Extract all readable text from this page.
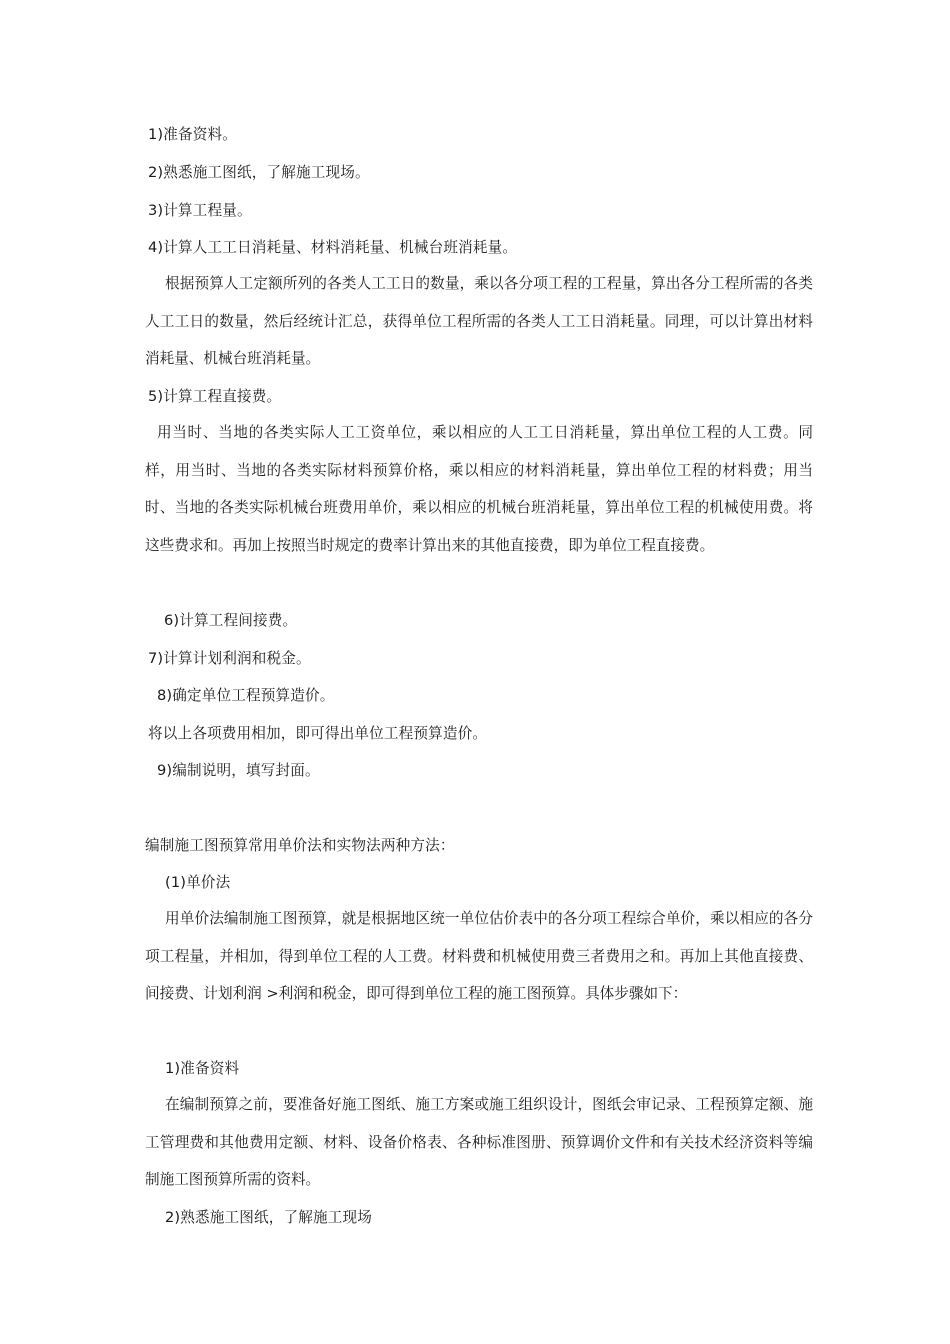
1)准备资料。
2)熟悉施工图纸，了解施工现场。
3)计算工程量。
4)计算人工工日消耗量、材料消耗量、机械台班消耗量。
根据预算人工定额所列的各类人工工日的数量，乘以各分项工程的工程量，算出各分工程所需的各类人工工日的数量，然后经统计汇总，获得单位工程所需的各类人工工日消耗量。同理，可以计算出材料消耗量、机械台班消耗量。
5)计算工程直接费。
用当时、当地的各类实际人工工资单位，乘以相应的人工工日消耗量，算出单位工程的人工费。同样，用当时、当地的各类实际材料预算价格，乘以相应的材料消耗量，算出单位工程的材料费；用当时、当地的各类实际机械台班费用单价，乘以相应的机械台班消耗量，算出单位工程的机械使用费。将这些费求和。再加上按照当时规定的费率计算出来的其他直接费，即为单位工程直接费。
6)计算工程间接费。
7)计算计划利润和税金。
8)确定单位工程预算造价。
将以上各项费用相加，即可得出单位工程预算造价。
9)编制说明，填写封面。
编制施工图预算常用单价法和实物法两种方法：
(1)单价法
用单价法编制施工图预算，就是根据地区统一单位估价表中的各分项工程综合单价，乘以相应的各分项工程量，并相加，得到单位工程的人工费。材料费和机械使用费三者费用之和。再加上其他直接费、间接费、计划利润 >利润和税金，即可得到单位工程的施工图预算。具体步骤如下：
1)准备资料
在编制预算之前，要准备好施工图纸、施工方案或施工组织设计，图纸会审记录、工程预算定额、施工管理费和其他费用定额、材料、设备价格表、各种标准图册、预算调价文件和有关技术经济资料等编制施工图预算所需的资料。
2)熟悉施工图纸，了解施工现场
